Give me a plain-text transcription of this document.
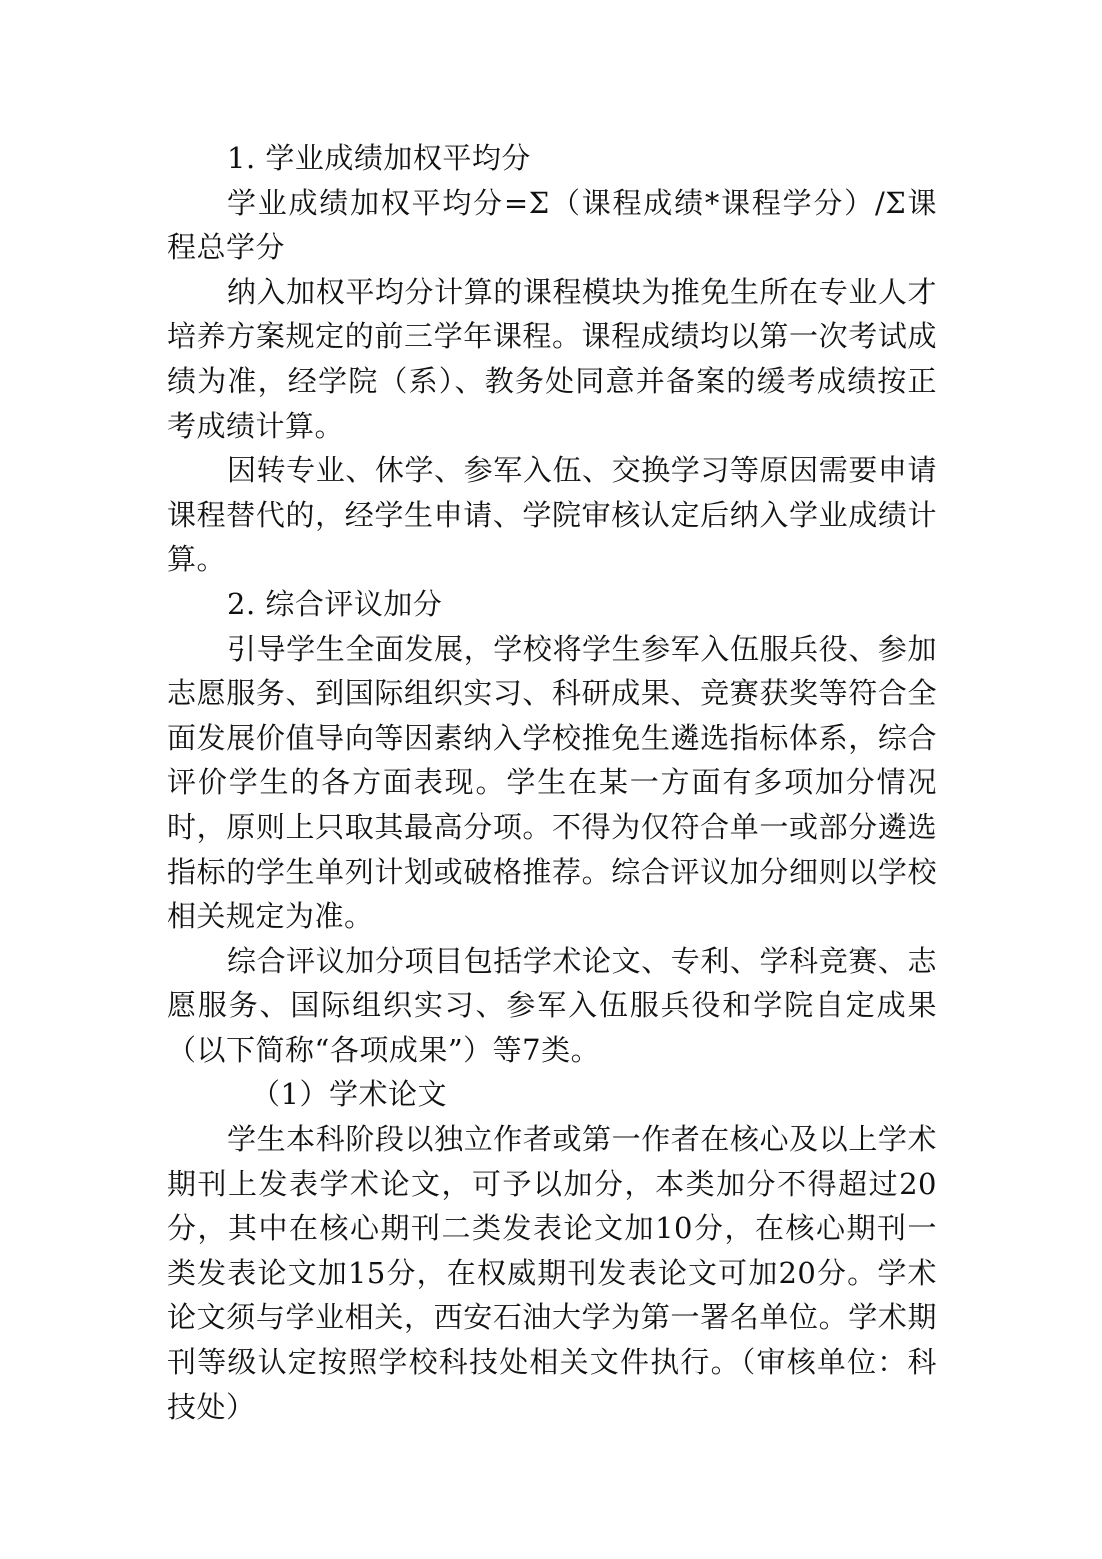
1. 学业成绩加权平均分

学业成绩加权平均分=Σ（课程成绩*课程学分）/Σ课程总学分

纳入加权平均分计算的课程模块为推免生所在专业人才培养方案规定的前三学年课程。课程成绩均以第一次考试成绩为准，经学院（系）、教务处同意并备案的缓考成绩按正考成绩计算。

因转专业、休学、参军入伍、交换学习等原因需要申请课程替代的，经学生申请、学院审核认定后纳入学业成绩计算。

2. 综合评议加分

引导学生全面发展，学校将学生参军入伍服兵役、参加志愿服务、到国际组织实习、科研成果、竞赛获奖等符合全面发展价值导向等因素纳入学校推免生遴选指标体系，综合评价学生的各方面表现。学生在某一方面有多项加分情况时，原则上只取其最高分项。不得为仅符合单一或部分遴选指标的学生单列计划或破格推荐。综合评议加分细则以学校相关规定为准。

综合评议加分项目包括学术论文、专利、学科竞赛、志愿服务、国际组织实习、参军入伍服兵役和学院自定成果（以下简称“各项成果”）等7类。

（1）学术论文

学生本科阶段以独立作者或第一作者在核心及以上学术期刊上发表学术论文，可予以加分，本类加分不得超过20分，其中在核心期刊二类发表论文加10分，在核心期刊一类发表论文加15分，在权威期刊发表论文可加20分。学术论文须与学业相关，西安石油大学为第一署名单位。学术期刊等级认定按照学校科技处相关文件执行。（审核单位：科技处）
